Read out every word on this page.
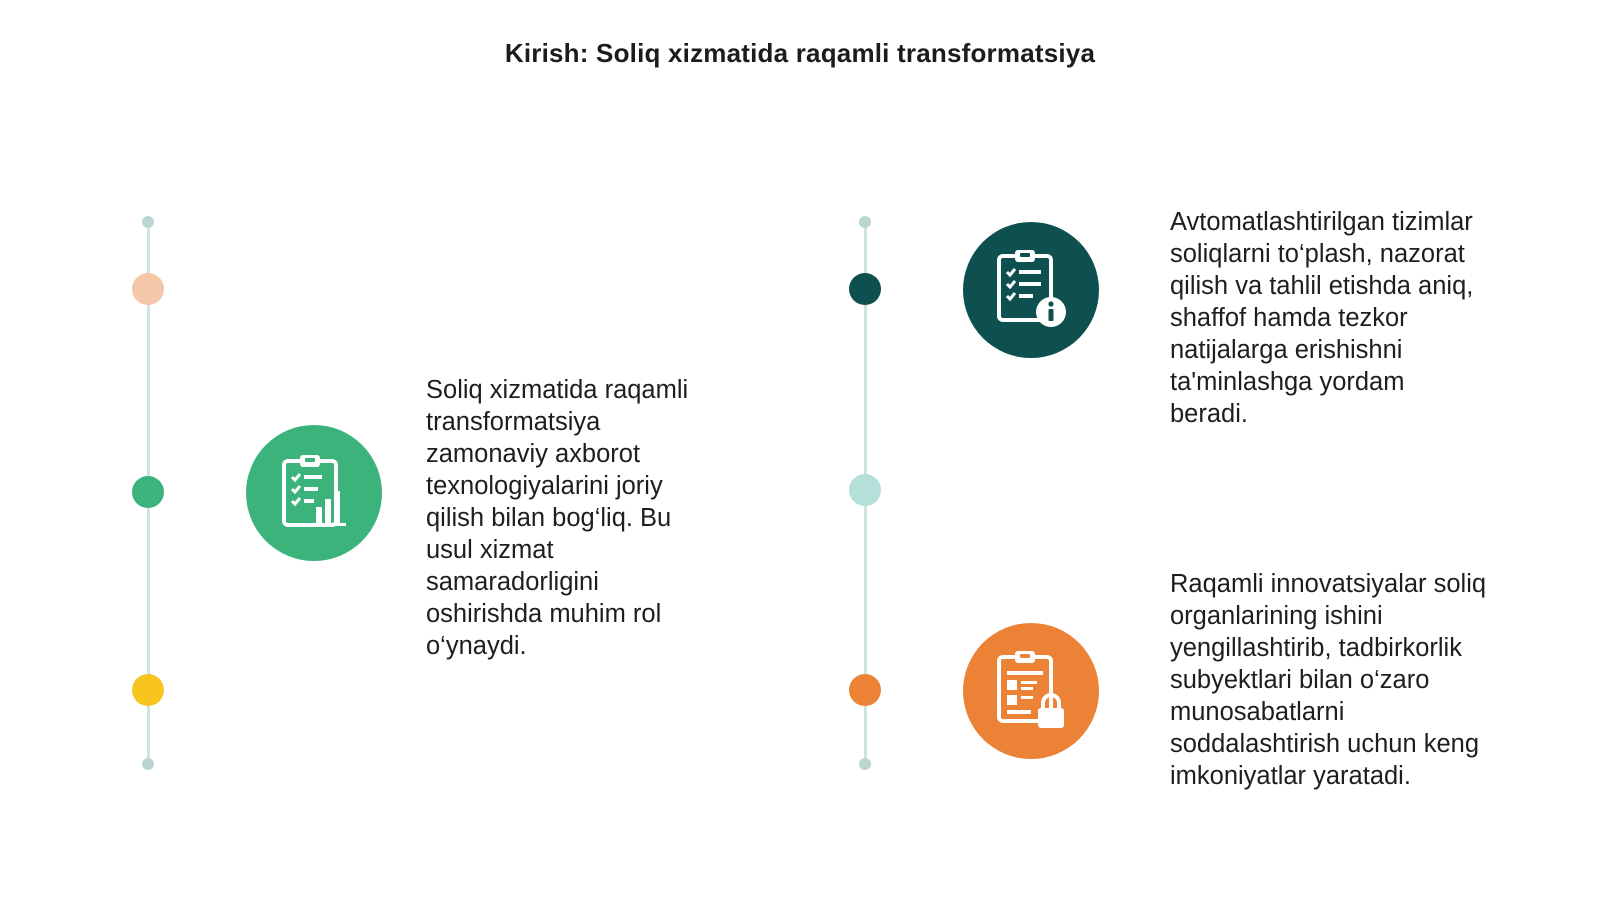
Kirish: Soliq xizmatida raqamli transformatsiya
Soliq xizmatida raqamli
transformatsiya
zamonaviy axborot
texnologiyalarini joriy
qilish bilan bog‘liq. Bu
usul xizmat
samaradorligini
oshirishda muhim rol
o‘ynaydi.
Avtomatlashtirilgan tizimlar
soliqlarni to‘plash, nazorat
qilish va tahlil etishda aniq,
shaffof hamda tezkor
natijalarga erishishni
ta'minlashga yordam
beradi.
Raqamli innovatsiyalar soliq
organlarining ishini
yengillashtirib, tadbirkorlik
subyektlari bilan o‘zaro
munosabatlarni
soddalashtirish uchun keng
imkoniyatlar yaratadi.
